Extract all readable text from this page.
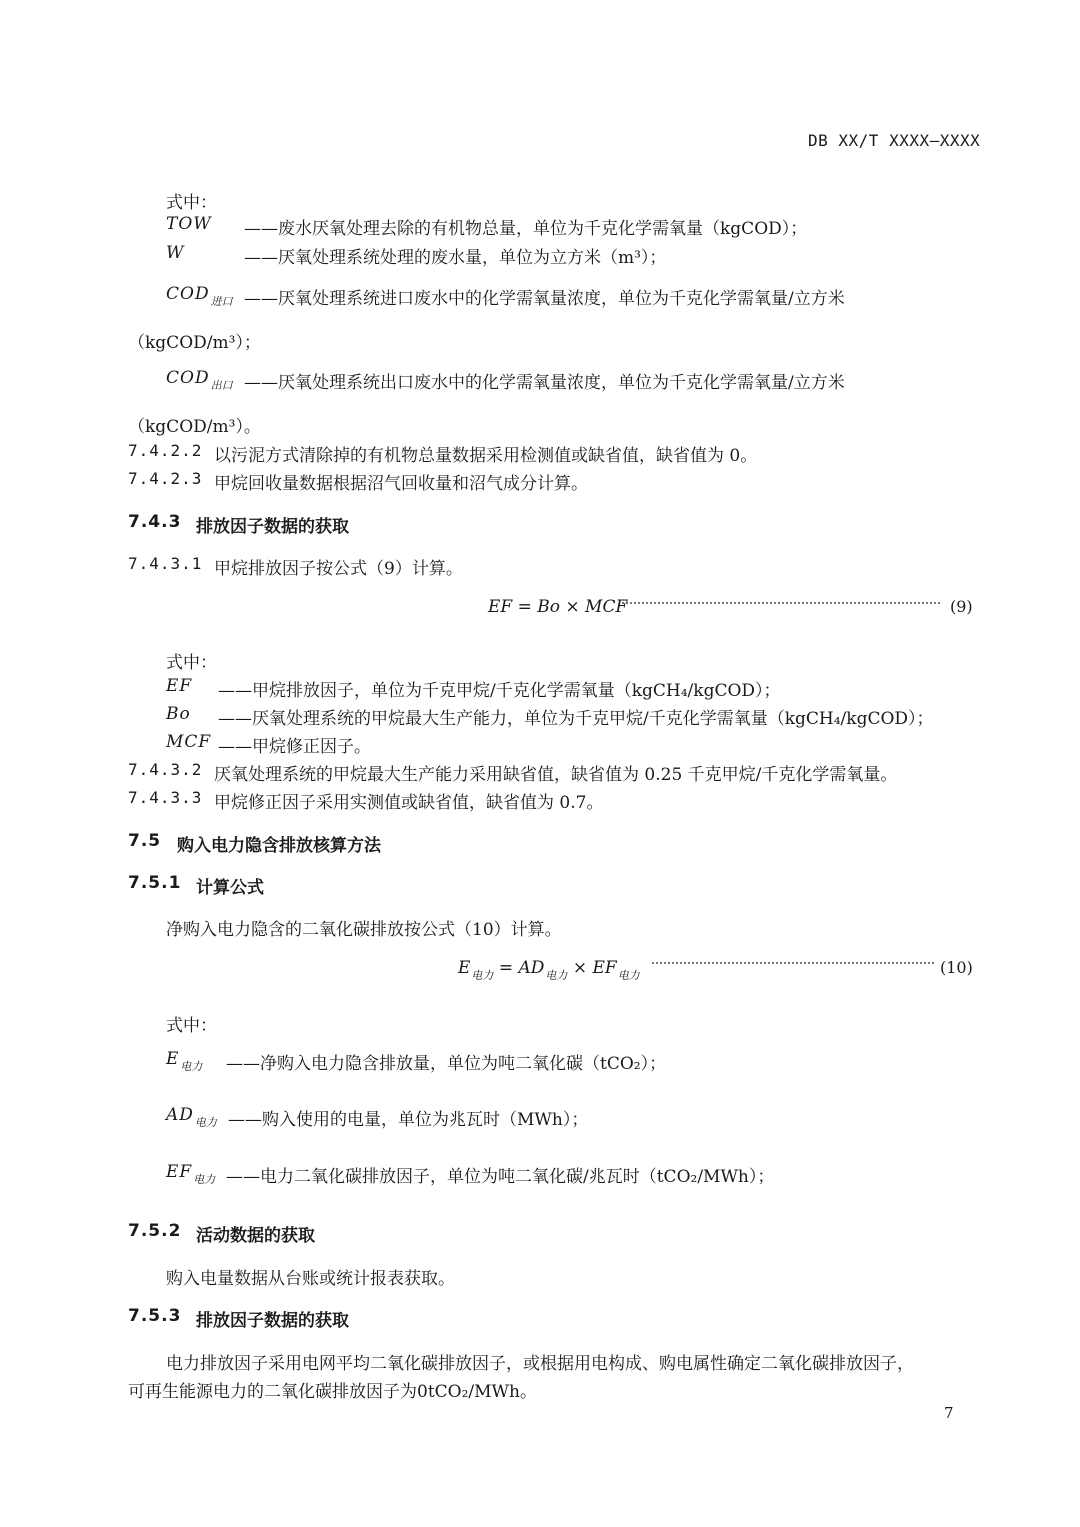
DB XX/T XXXX—XXXX
式中：
TOW ——废水厌氧处理去除的有机物总量，单位为千克化学需氧量（kgCOD）；
W	——厌氧处理系统处理的废水量，单位为立方米（m³）；
$COD_{进口}$ ——厌氧处理系统进口废水中的化学需氧量浓度，单位为千克化学需氧量/立方米
（kgCOD/m³）；
$COD_{出口}$ ——厌氧处理系统出口废水中的化学需氧量浓度，单位为千克化学需氧量/立方米
（kgCOD/m³）。
7.4.2.2 以污泥方式清除掉的有机物总量数据采用检测值或缺省值，缺省值为 0。
7.4.2.3 甲烷回收量数据根据沼气回收量和沼气成分计算。
7.4.3 排放因子数据的获取
7.4.3.1 甲烷排放因子按公式（9）计算。
EF = Bo × MCF	(9)
式中：
EF ——甲烷排放因子，单位为千克甲烷/千克化学需氧量（kgCH₄/kgCOD）；
Bo ——厌氧处理系统的甲烷最大生产能力，单位为千克甲烷/千克化学需氧量（kgCH₄/kgCOD）；
MCF ——甲烷修正因子。
7.4.3.2 厌氧处理系统的甲烷最大生产能力采用缺省值，缺省值为 0.25 千克甲烷/千克化学需氧量。
7.4.3.3 甲烷修正因子采用实测值或缺省值，缺省值为 0.7。
7.5 购入电力隐含排放核算方法
7.5.1 计算公式
净购入电力隐含的二氧化碳排放按公式（10）计算。
$E_{电力} = AD_{电力} \times EF_{电力}$	(10)
式中：
$E_{电力}$ ——净购入电力隐含排放量，单位为吨二氧化碳（tCO₂）；
$AD_{电力}$ ——购入使用的电量，单位为兆瓦时（MWh）；
$EF_{电力}$ ——电力二氧化碳排放因子，单位为吨二氧化碳/兆瓦时（tCO₂/MWh）；
7.5.2 活动数据的获取
购入电量数据从台账或统计报表获取。
7.5.3 排放因子数据的获取
电力排放因子采用电网平均二氧化碳排放因子，或根据用电构成、购电属性确定二氧化碳排放因子，
可再生能源电力的二氧化碳排放因子为0tCO₂/MWh。
7
